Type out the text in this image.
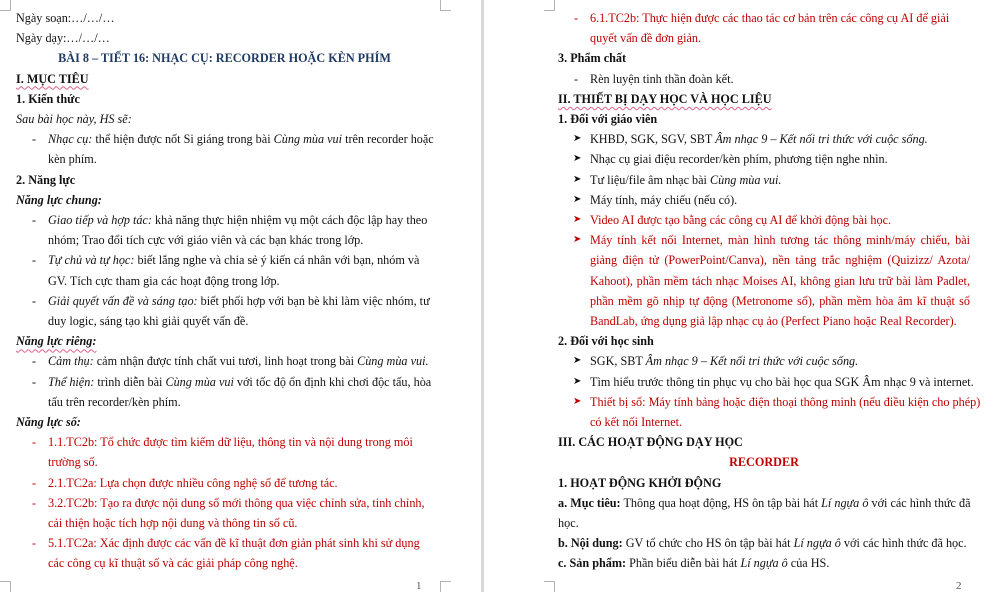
Ngày soạn:…/…/…
Ngày dạy:…/…/…
BÀI 8 – TIẾT 16: NHẠC CỤ: RECORDER HOẶC KÈN PHÍM
I. MỤC TIÊU
1. Kiến thức
Sau bài học này, HS sẽ:
- Nhạc cụ: thể hiện được nốt Si giáng trong bài Cùng mùa vui trên recorder hoặc
kèn phím.
2. Năng lực
Năng lực chung:
- Giao tiếp và hợp tác: khả năng thực hiện nhiệm vụ một cách độc lập hay theo
nhóm; Trao đổi tích cực với giáo viên và các bạn khác trong lớp.
- Tự chủ và tự học: biết lắng nghe và chia sẻ ý kiến cá nhân với bạn, nhóm và
GV. Tích cực tham gia các hoạt động trong lớp.
- Giải quyết vấn đề và sáng tạo: biết phối hợp với bạn bè khi làm việc nhóm, tư
duy logic, sáng tạo khi giải quyết vấn đề.
Năng lực riêng:
- Cảm thụ: cảm nhận được tính chất vui tươi, linh hoạt trong bài Cùng mùa vui.
- Thể hiện: trình diễn bài Cùng mùa vui với tốc độ ổn định khi chơi độc tấu, hòa
tấu trên recorder/kèn phím.
Năng lực số:
- 1.1.TC2b: Tổ chức được tìm kiếm dữ liệu, thông tin và nội dung trong môi
trường số.
- 2.1.TC2a: Lựa chọn được nhiều công nghệ số để tương tác.
- 3.2.TC2b: Tạo ra được nội dung số mới thông qua việc chỉnh sửa, tinh chỉnh,
cải thiện hoặc tích hợp nội dung và thông tin số cũ.
- 5.1.TC2a: Xác định được các vấn đề kĩ thuật đơn giản phát sinh khi sử dụng
các công cụ kĩ thuật số và các giải pháp công nghệ.
1
- 6.1.TC2b: Thực hiện được các thao tác cơ bản trên các công cụ AI để giải
quyết vấn đề đơn giản.
3. Phẩm chất
- Rèn luyện tinh thần đoàn kết.
II. THIẾT BỊ DẠY HỌC VÀ HỌC LIỆU
1. Đối với giáo viên
➤ KHBD, SGK, SGV, SBT Âm nhạc 9 – Kết nối tri thức với cuộc sống.
➤ Nhạc cụ giai điệu recorder/kèn phím, phương tiện nghe nhìn.
➤ Tư liệu/file âm nhạc bài Cùng mùa vui.
➤ Máy tính, máy chiếu (nếu có).
➤ Video AI được tạo bằng các công cụ AI để khởi động bài học.
➤ Máy tính kết nối Internet, màn hình tương tác thông minh/máy chiếu, bài giảng điện tử (PowerPoint/Canva), nền tảng trắc nghiệm (Quizizz/ Azota/ Kahoot), phần mềm tách nhạc Moises AI, không gian lưu trữ bài làm Padlet, phần mềm gõ nhịp tự động (Metronome số), phần mềm hòa âm kĩ thuật số BandLab, ứng dụng giả lập nhạc cụ ảo (Perfect Piano hoặc Real Recorder).
2. Đối với học sinh
➤ SGK, SBT Âm nhạc 9 – Kết nối tri thức với cuộc sống.
➤ Tìm hiểu trước thông tin phục vụ cho bài học qua SGK Âm nhạc 9 và internet.
➤ Thiết bị số: Máy tính bảng hoặc điện thoại thông minh (nếu điều kiện cho phép)
có kết nối Internet.
III. CÁC HOẠT ĐỘNG DẠY HỌC
RECORDER
1. HOẠT ĐỘNG KHỞI ĐỘNG
a. Mục tiêu: Thông qua hoạt động, HS ôn tập bài hát Lí ngựa ô với các hình thức đã
học.
b. Nội dung: GV tổ chức cho HS ôn tập bài hát Lí ngựa ô với các hình thức đã học.
c. Sản phẩm: Phần biểu diễn bài hát Lí ngựa ô của HS.
2
